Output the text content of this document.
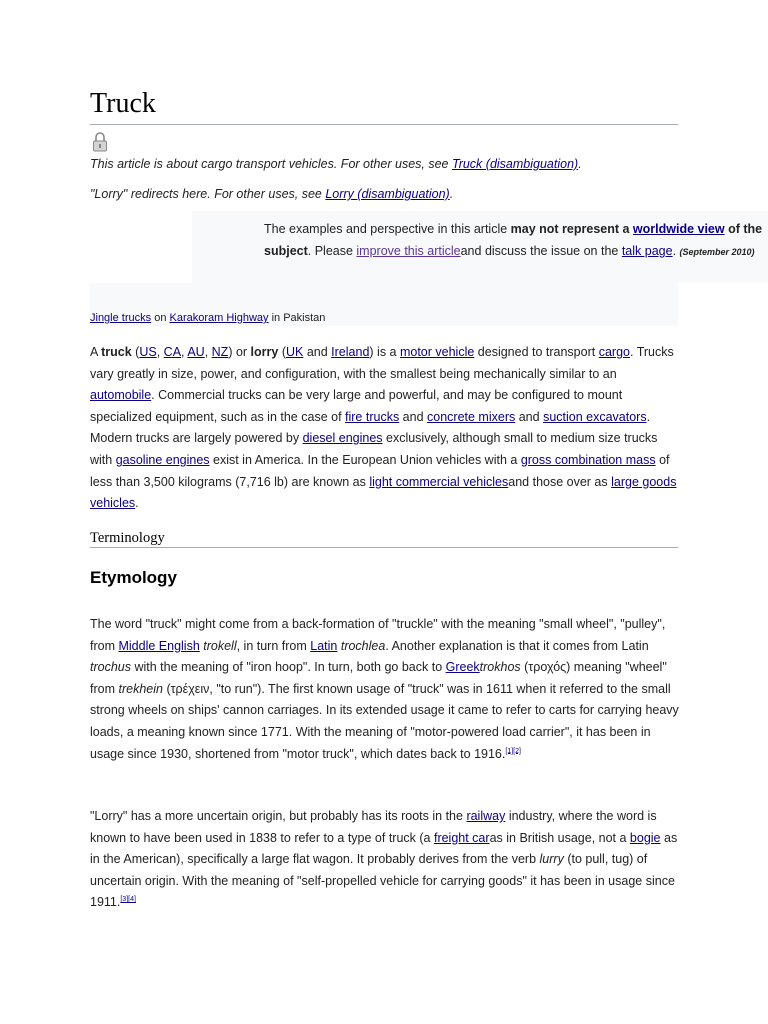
Truck
This article is about cargo transport vehicles. For other uses, see Truck (disambiguation).
"Lorry" redirects here. For other uses, see Lorry (disambiguation).
The examples and perspective in this article may not represent a worldwide view of the subject. Please improve this articleand discuss the issue on the talk page. (September 2010)
Jingle trucks on Karakoram Highway in Pakistan
A truck (US, CA, AU, NZ) or lorry (UK and Ireland) is a motor vehicle designed to transport cargo. Trucks vary greatly in size, power, and configuration, with the smallest being mechanically similar to an automobile. Commercial trucks can be very large and powerful, and may be configured to mount specialized equipment, such as in the case of fire trucks and concrete mixers and suction excavators. Modern trucks are largely powered by diesel engines exclusively, although small to medium size trucks with gasoline engines exist in America. In the European Union vehicles with a gross combination mass of less than 3,500 kilograms (7,716 lb) are known as light commercial vehiclesand those over as large goods vehicles.
Terminology
Etymology
The word "truck" might come from a back-formation of "truckle" with the meaning "small wheel", "pulley", from Middle English trokell, in turn from Latin trochlea. Another explanation is that it comes from Latin trochus with the meaning of "iron hoop". In turn, both go back to Greektrokhos (τροχός) meaning "wheel" from trekhein (τρέχειν, "to run"). The first known usage of "truck" was in 1611 when it referred to the small strong wheels on ships' cannon carriages. In its extended usage it came to refer to carts for carrying heavy loads, a meaning known since 1771. With the meaning of "motor-powered load carrier", it has been in usage since 1930, shortened from "motor truck", which dates back to 1916.[1][2]
"Lorry" has a more uncertain origin, but probably has its roots in the railway industry, where the word is known to have been used in 1838 to refer to a type of truck (a freight caras in British usage, not a bogie as in the American), specifically a large flat wagon. It probably derives from the verb lurry (to pull, tug) of uncertain origin. With the meaning of "self-propelled vehicle for carrying goods" it has been in usage since 1911.[3][4]
